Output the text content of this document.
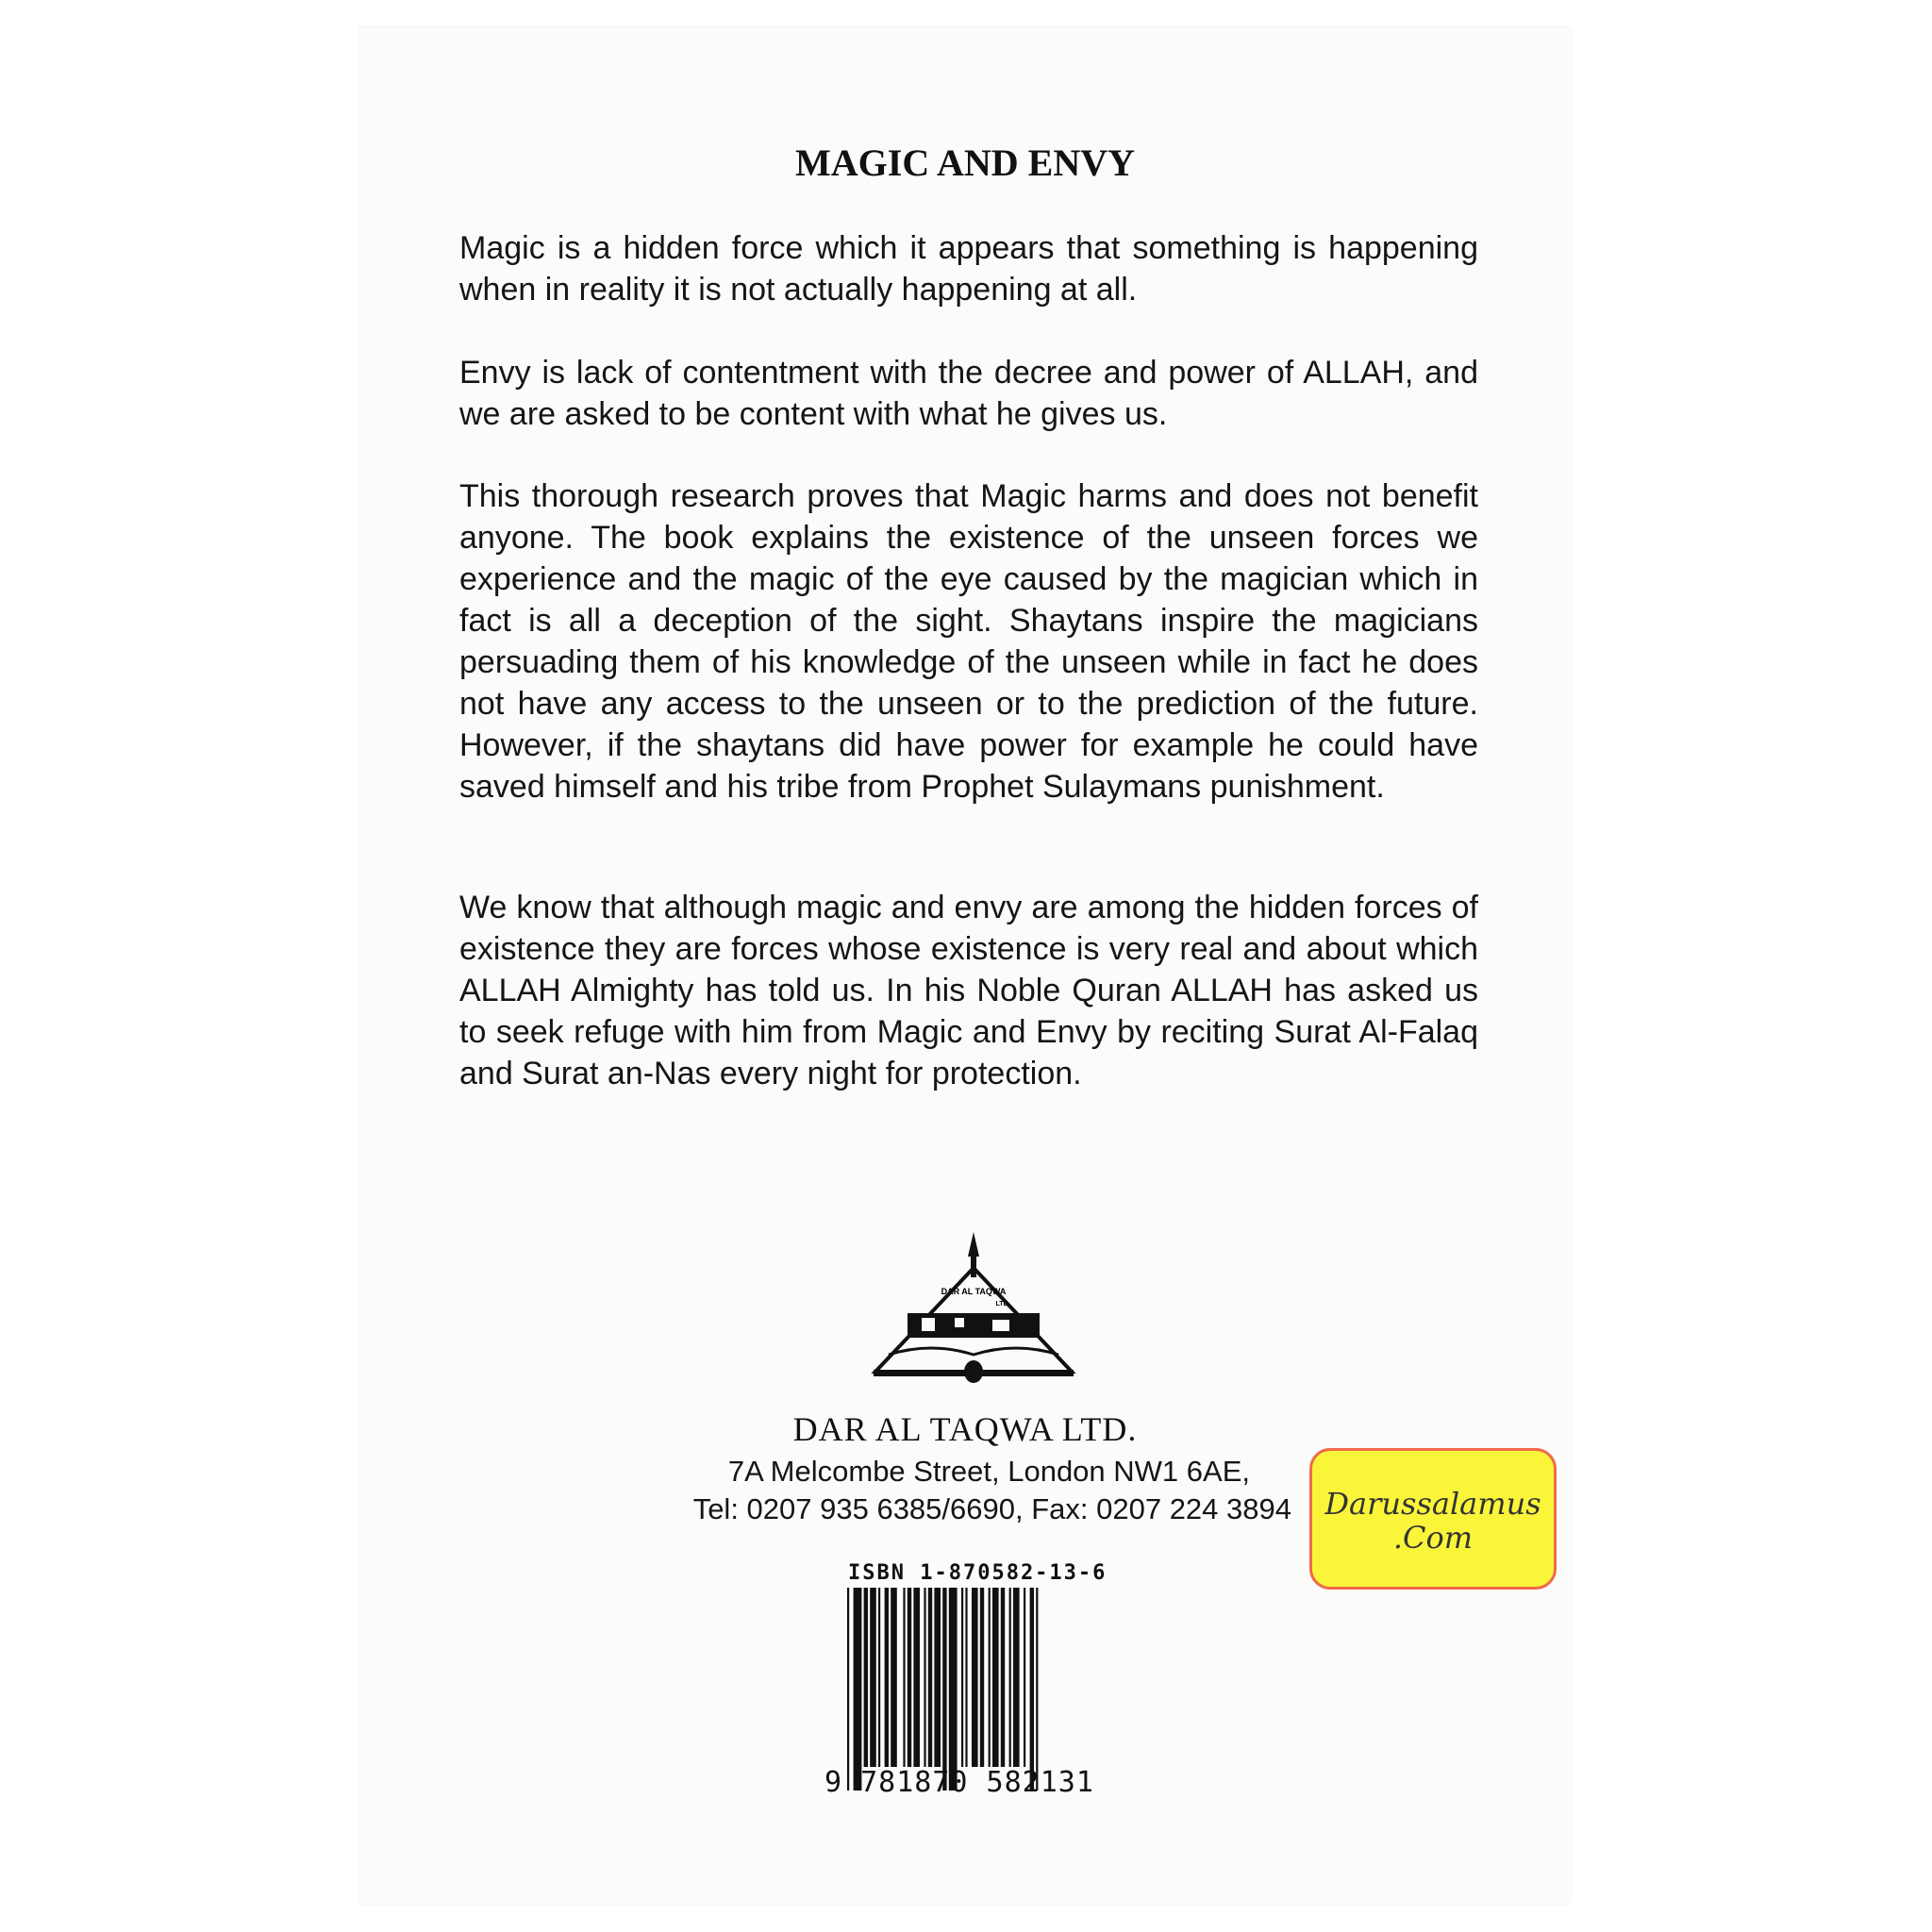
MAGIC AND ENVY

Magic is a hidden force which it appears that something is happening when in reality it is not actually happening at all.

Envy is lack of contentment with the decree and power of ALLAH, and we are asked to be content with what he gives us.

This thorough research proves that Magic harms and does not benefit anyone. The book explains the existence of the unseen forces we experience and the magic of the eye caused by the magician which in fact is all a deception of the sight. Shaytans inspire the magicians persuading them of his knowledge of the unseen while in fact he does not have any access to the unseen or to the prediction of the future. However, if the shaytans did have power for example he could have saved himself and his tribe from Prophet Sulaymans punishment.

We know that although magic and envy are among the hidden forces of existence they are forces whose existence is very real and about which ALLAH Almighty has told us. In his Noble Quran ALLAH has asked us to seek refuge with him from Magic and Envy by reciting Surat Al-Falaq and Surat an-Nas every night for protection.

DAR AL TAQWA
LTD
DAR AL TAQWA LTD.
7A Melcombe Street, London NW1 6AE,
Tel: 0207 935 6385/6690, Fax: 0207 224 3894
ISBN 1-870582-13-6
9 781870 582131
Darussalamus
.Com
